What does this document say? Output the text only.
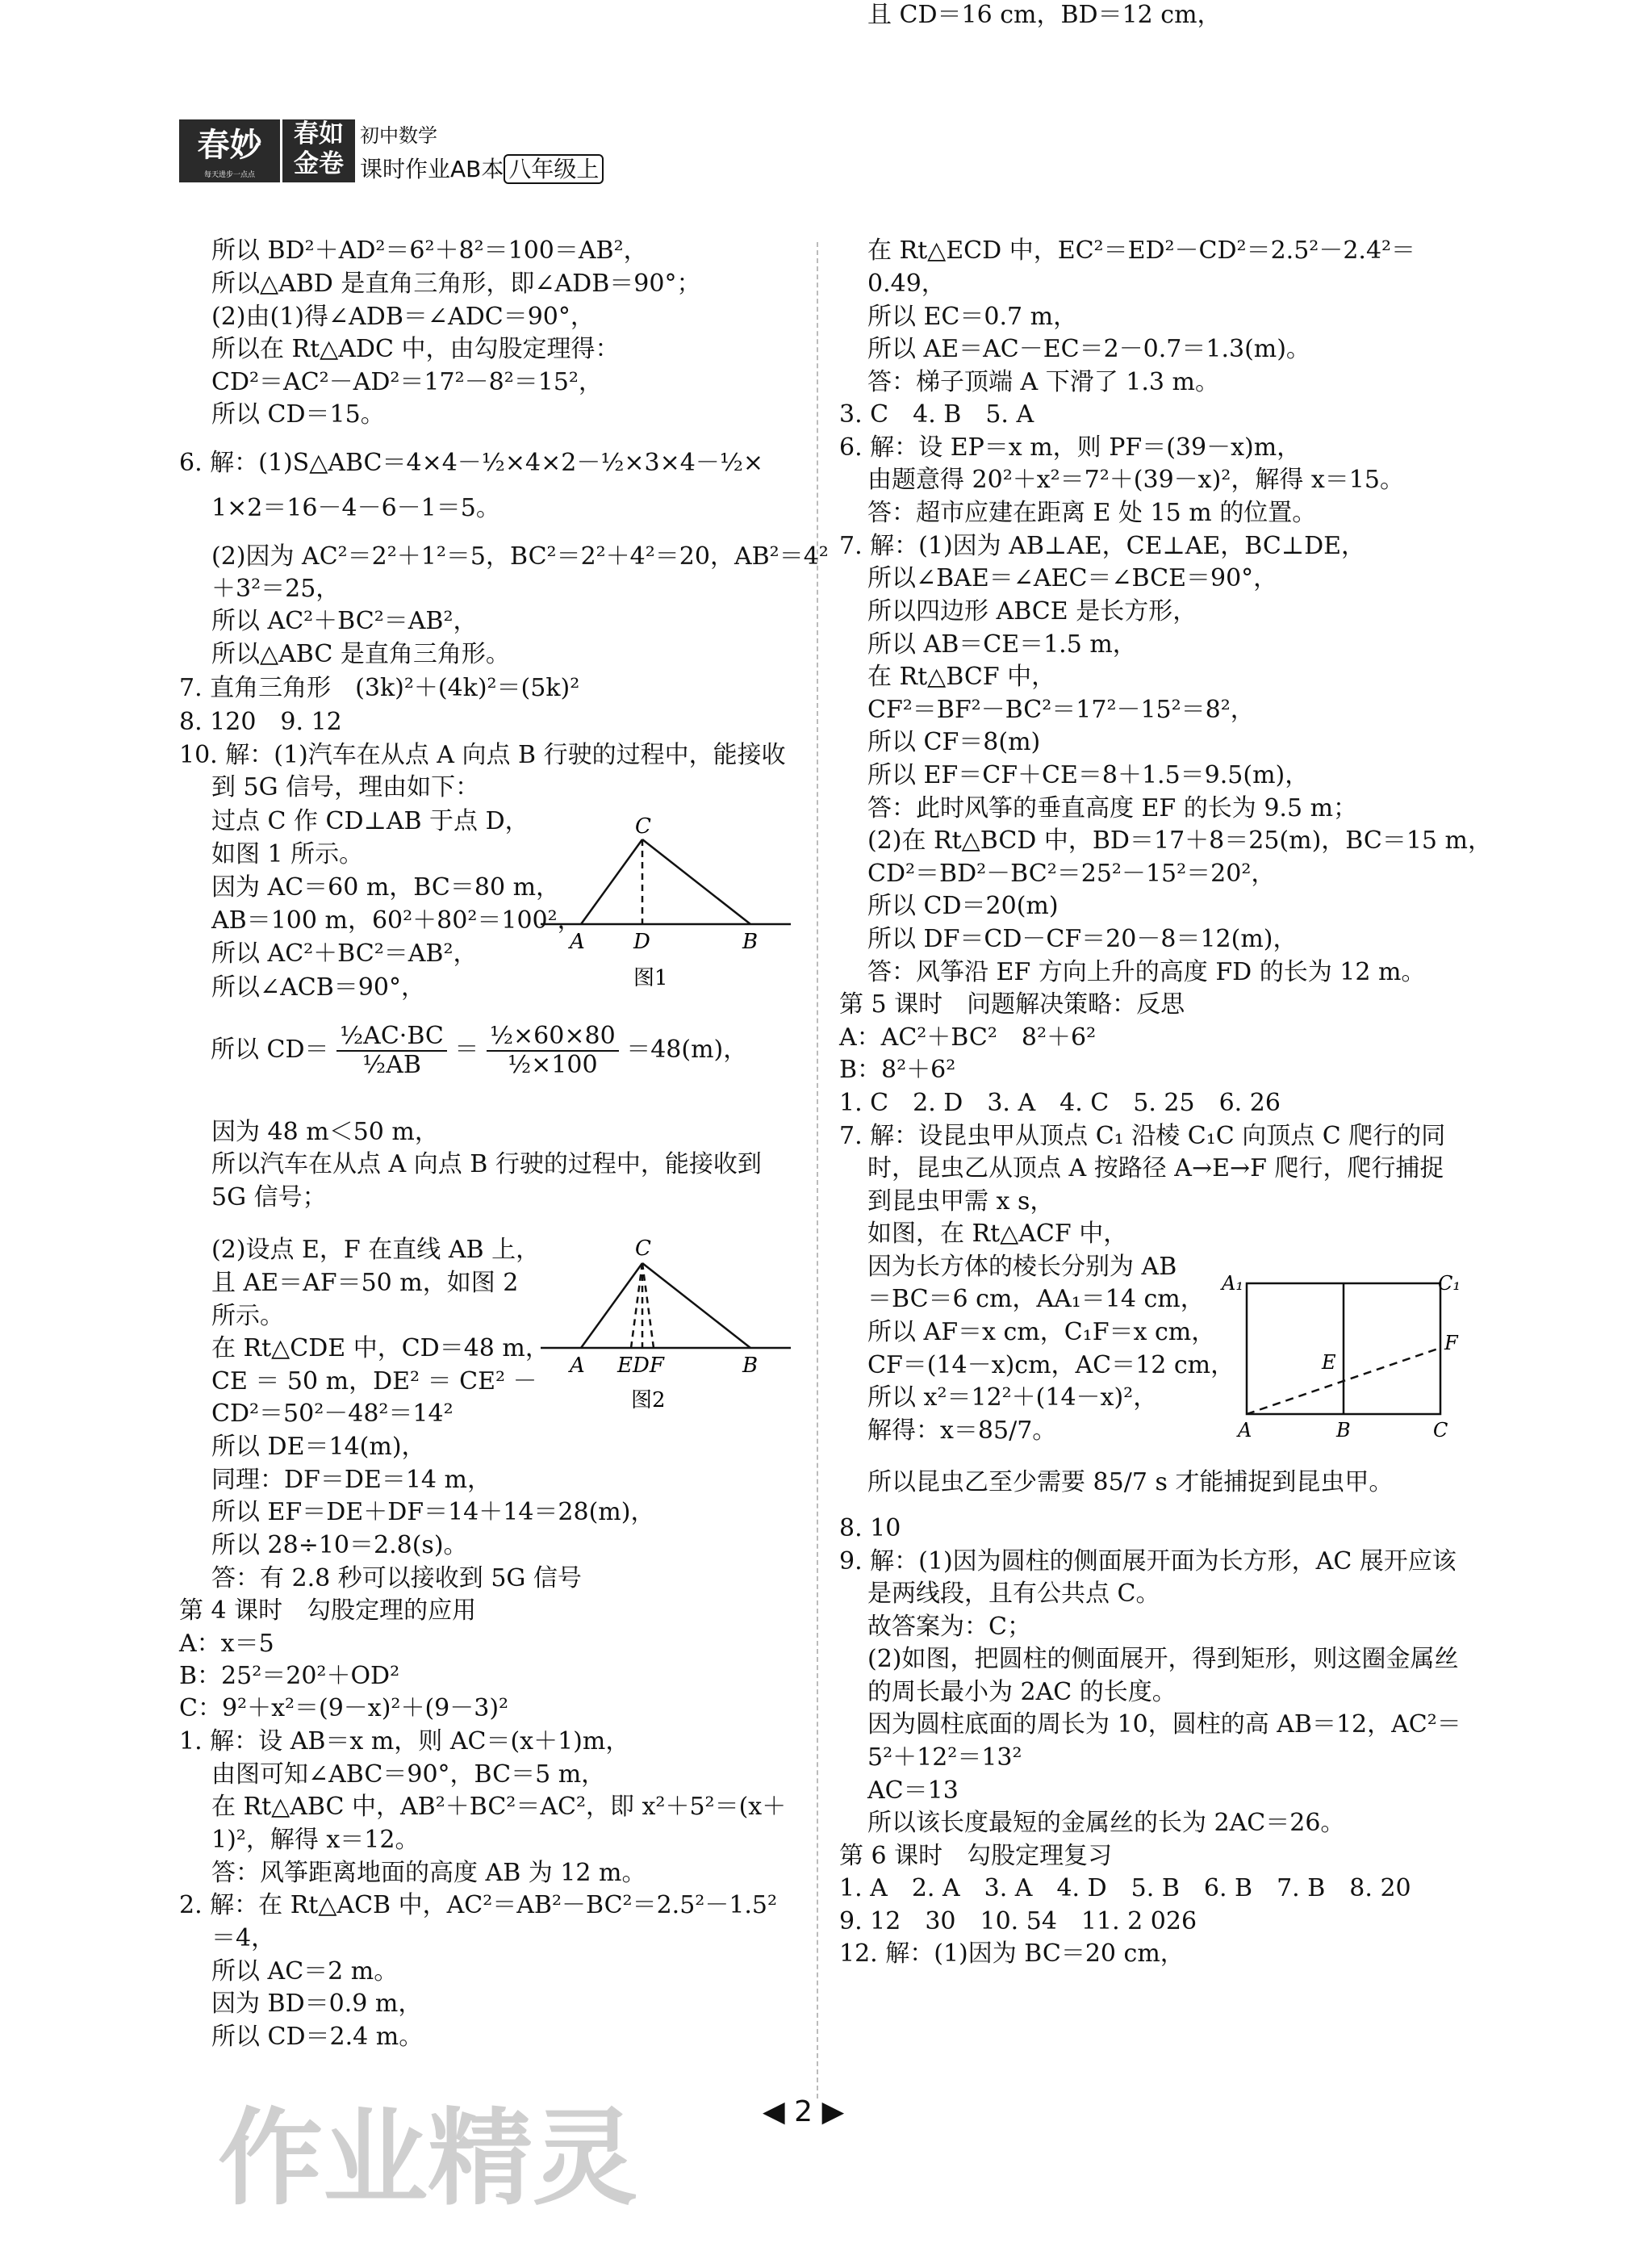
春妙
每天进步一点点
春如
金卷
初中数学
课时作业AB本 八年级上
所以 BD²＋AD²＝6²＋8²＝100＝AB²，
所以△ABD 是直角三角形，即∠ADB＝90°；
(2)由(1)得∠ADB＝∠ADC＝90°，
所以在 Rt△ADC 中，由勾股定理得：
CD²＝AC²－AD²＝17²－8²＝15²，
所以 CD＝15。
6. 解：(1)S△ABC＝4×4－½×4×2－½×3×4－½×
1×2＝16－4－6－1＝5。
(2)因为 AC²＝2²＋1²＝5，BC²＝2²＋4²＝20，AB²＝4²
＋3²＝25，
所以 AC²＋BC²＝AB²，
所以△ABC 是直角三角形。
7. 直角三角形　(3k)²＋(4k)²＝(5k)²
8. 120　9. 12
10. 解：(1)汽车在从点 A 向点 B 行驶的过程中，能接收
到 5G 信号，理由如下：
过点 C 作 CD⊥AB 于点 D，
如图 1 所示。
因为 AC＝60 m，BC＝80 m，
AB＝100 m，60²＋80²＝100²，
所以 AC²＋BC²＝AB²，
所以∠ACB＝90°，
因为 48 m＜50 m，
所以汽车在从点 A 向点 B 行驶的过程中，能接收到
5G 信号；
(2)设点 E，F 在直线 AB 上，
且 AE＝AF＝50 m，如图 2
所示。
在 Rt△CDE 中，CD＝48 m，
CE ＝ 50 m，DE² ＝ CE² －
CD²＝50²－48²＝14²
所以 DE＝14(m)，
同理：DF＝DE＝14 m，
所以 EF＝DE＋DF＝14＋14＝28(m)，
所以 28÷10＝2.8(s)。
答：有 2.8 秒可以接收到 5G 信号
第 4 课时　勾股定理的应用
A：x＝5
B：25²＝20²＋OD²
C：9²＋x²＝(9－x)²＋(9－3)²
1. 解：设 AB＝x m，则 AC＝(x＋1)m，
由图可知∠ABC＝90°，BC＝5 m，
在 Rt△ABC 中，AB²＋BC²＝AC²，即 x²＋5²＝(x＋
1)²，解得 x＝12。
答：风筝距离地面的高度 AB 为 12 m。
2. 解：在 Rt△ACB 中，AC²＝AB²－BC²＝2.5²－1.5²
＝4，
所以 AC＝2 m。
因为 BD＝0.9 m，
所以 CD＝2.4 m。
所以 $CD= \frac{\text{½AC·BC}}{\text{½AB}} = \frac{\text{½×60×80}}{\text{½×100}} =48(m)$，
C
A D	B
图1
C
A EDF	B
图2
在 Rt△ECD 中，EC²＝ED²－CD²＝2.5²－2.4²＝
0.49，
所以 EC＝0.7 m，
所以 AE＝AC－EC＝2－0.7＝1.3(m)。
答：梯子顶端 A 下滑了 1.3 m。
3. C　4. B　5. A
6. 解：设 EP＝x m，则 PF＝(39－x)m，
由题意得 20²＋x²＝7²＋(39－x)²，解得 x＝15。
答：超市应建在距离 E 处 15 m 的位置。
7. 解：(1)因为 AB⊥AE，CE⊥AE，BC⊥DE，
所以∠BAE＝∠AEC＝∠BCE＝90°，
所以四边形 ABCE 是长方形，
所以 AB＝CE＝1.5 m，
在 Rt△BCF 中，
CF²＝BF²－BC²＝17²－15²＝8²，
所以 CF＝8(m)
所以 EF＝CF＋CE＝8＋1.5＝9.5(m)，
答：此时风筝的垂直高度 EF 的长为 9.5 m；
(2)在 Rt△BCD 中，BD＝17＋8＝25(m)，BC＝15 m，
CD²＝BD²－BC²＝25²－15²＝20²，
所以 CD＝20(m)
所以 DF＝CD－CF＝20－8＝12(m)，
答：风筝沿 EF 方向上升的高度 FD 的长为 12 m。
第 5 课时　问题解决策略：反思
A：AC²＋BC²　8²＋6²
B：8²＋6²
1. C　2. D　3. A　4. C　5. 25　6. 26
7. 解：设昆虫甲从顶点 C₁ 沿棱 C₁C 向顶点 C 爬行的同
时，昆虫乙从顶点 A 按路径 A→E→F 爬行，爬行捕捉
到昆虫甲需 x s，
如图，在 Rt△ACF 中，
因为长方体的棱长分别为 AB
＝BC＝6 cm，AA₁＝14 cm，
所以 AF＝x cm，C₁F＝x cm，
CF＝(14－x)cm，AC＝12 cm，
所以 x²＝12²＋(14－x)²，
解得：x＝85/7。
所以昆虫乙至少需要 85/7 s 才能捕捉到昆虫甲。
8. 10
9. 解：(1)因为圆柱的侧面展开面为长方形，AC 展开应该
是两线段，且有公共点 C。
故答案为：C；
(2)如图，把圆柱的侧面展开，得到矩形，则这圈金属丝
的周长最小为 2AC 的长度。
因为圆柱底面的周长为 10，圆柱的高 AB＝12，AC²＝
5²＋12²＝13²
AC＝13
所以该长度最短的金属丝的长为 2AC＝26。
第 6 课时　勾股定理复习
1. A　2. A　3. A　4. D　5. B　6. B　7. B　8. 20
9. 12　30　10. 54　11. 2 026
12. 解：(1)因为 BC＝20 cm，
且 CD＝16 cm，BD＝12 cm，
A₁	C₁
E
F
A	B	C
◀ 2 ▶
作业精灵
